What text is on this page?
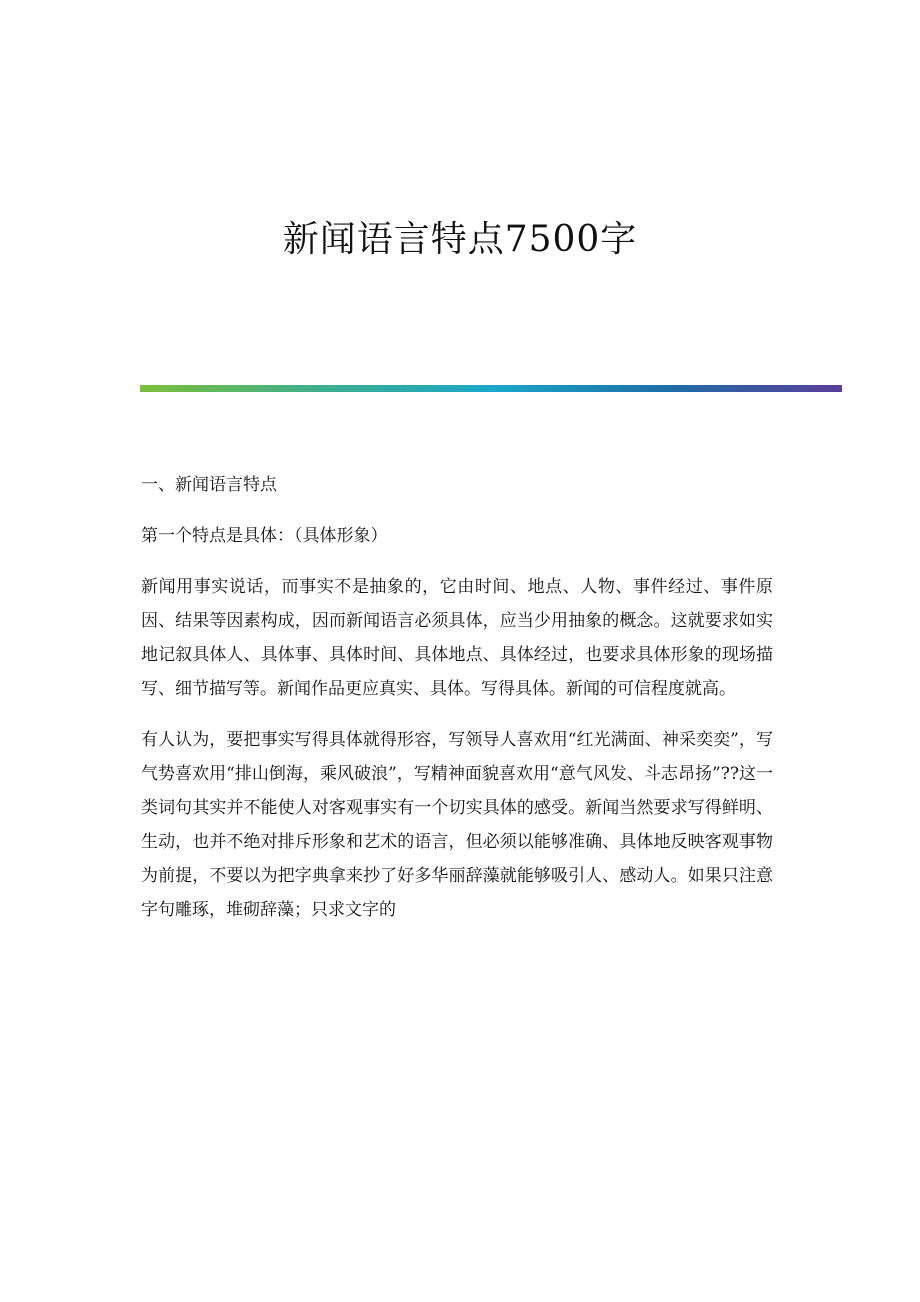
新闻语言特点7500字

一、新闻语言特点

第一个特点是具体：（具体形象）

新闻用事实说话，而事实不是抽象的，它由时间、地点、人物、事件经过、事件原因、结果等因素构成，因而新闻语言必须具体，应当少用抽象的概念。这就要求如实地记叙具体人、具体事、具体时间、具体地点、具体经过，也要求具体形象的现场描写、细节描写等。新闻作品更应真实、具体。写得具体。新闻的可信程度就高。

有人认为，要把事实写得具体就得形容，写领导人喜欢用“红光满面、神采奕奕”，写气势喜欢用“排山倒海，乘风破浪”，写精神面貌喜欢用“意气风发、斗志昂扬”??这一类词句其实并不能使人对客观事实有一个切实具体的感受。新闻当然要求写得鲜明、生动，也并不绝对排斥形象和艺术的语言，但必须以能够准确、具体地反映客观事物为前提，不要以为把字典拿来抄了好多华丽辞藻就能够吸引人、感动人。如果只注意字句雕琢，堆砌辞藻；只求文字的
